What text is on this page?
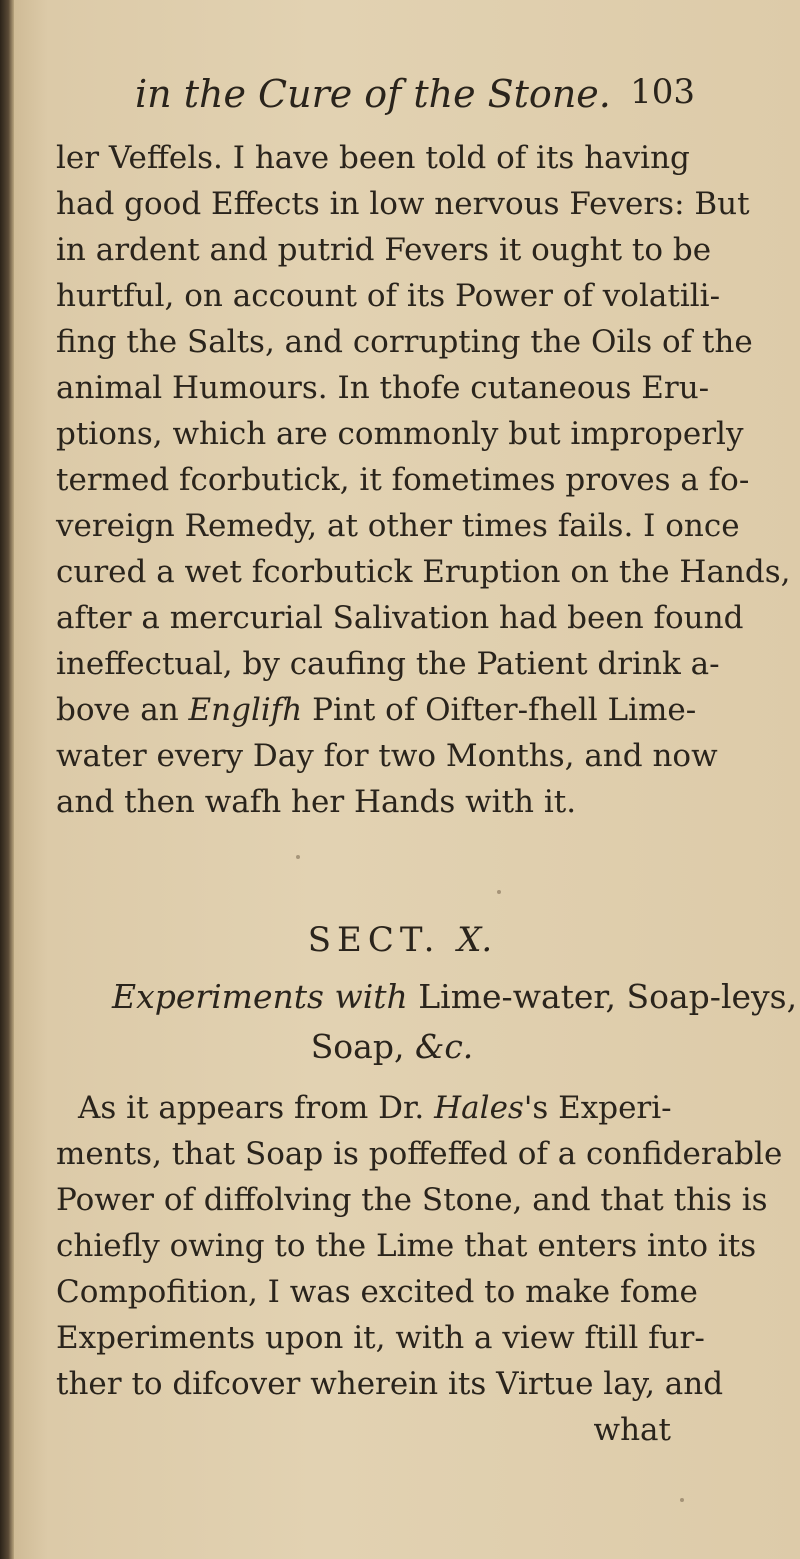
in the Cure of the Stone. 103
ler Veffels. I have been told of its having
had good Effects in low nervous Fevers: But
in ardent and putrid Fevers it ought to be
hurtful, on account of its Power of volatili-
fing the Salts, and corrupting the Oils of the
animal Humours. In thofe cutaneous Eru-
ptions, which are commonly but improperly
termed fcorbutick, it fometimes proves a fo-
vereign Remedy, at other times fails. I once
cured a wet fcorbutick Eruption on the Hands,
after a mercurial Salivation had been found
ineffectual, by caufing the Patient drink a-
bove an Englifh Pint of Oifter-fhell Lime-
water every Day for two Months, and now
and then wafh her Hands with it.
SECT. X.
Experiments with Lime-water, Soap-leys,
Soap, &c.
As it appears from Dr. Hales's Experi-
ments, that Soap is poffeffed of a confiderable
Power of diffolving the Stone, and that this is
chiefly owing to the Lime that enters into its
Compofition, I was excited to make fome
Experiments upon it, with a view ftill fur-
ther to difcover wherein its Virtue lay, and
what
